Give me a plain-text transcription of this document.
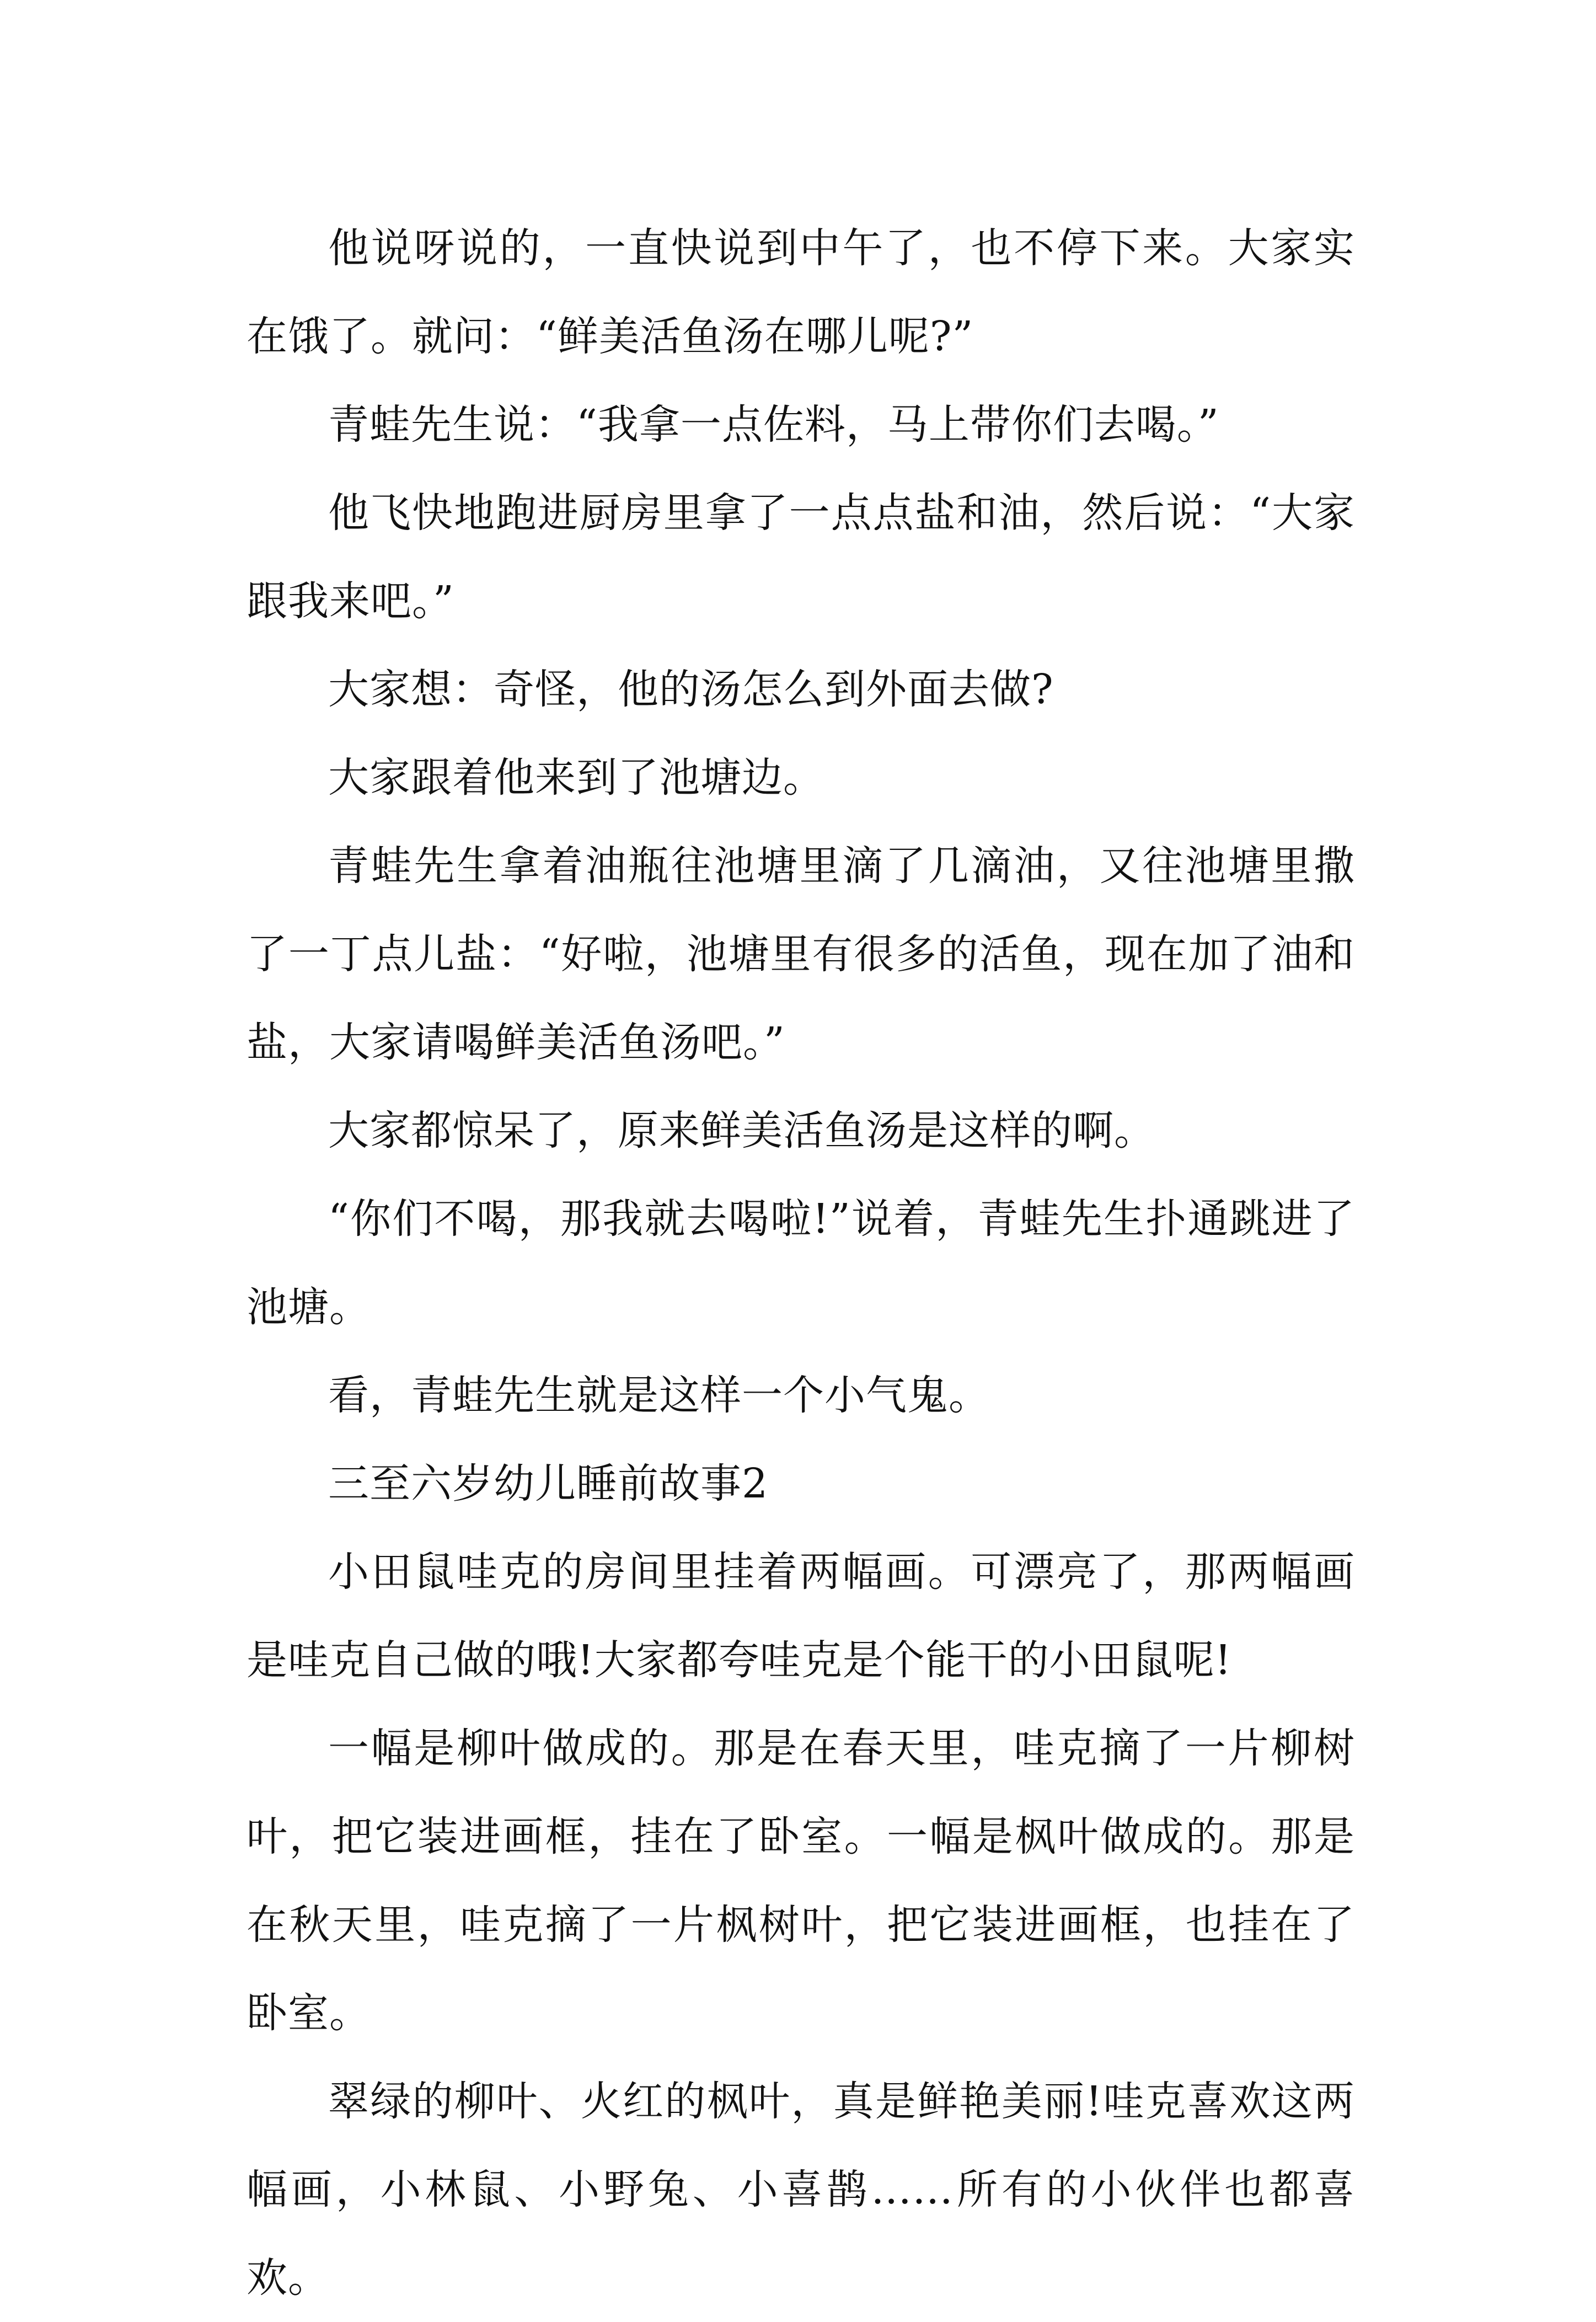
他说呀说的，一直快说到中午了，也不停下来。大家实在饿了。就问：“鲜美活鱼汤在哪儿呢?”

青蛙先生说：“我拿一点佐料，马上带你们去喝。”

他飞快地跑进厨房里拿了一点点盐和油，然后说：“大家跟我来吧。”

大家想：奇怪，他的汤怎么到外面去做?

大家跟着他来到了池塘边。

青蛙先生拿着油瓶往池塘里滴了几滴油，又往池塘里撒了一丁点儿盐：“好啦，池塘里有很多的活鱼，现在加了油和盐，大家请喝鲜美活鱼汤吧。”

大家都惊呆了，原来鲜美活鱼汤是这样的啊。

“你们不喝，那我就去喝啦!”说着，青蛙先生扑通跳进了池塘。

看，青蛙先生就是这样一个小气鬼。

三至六岁幼儿睡前故事2

小田鼠哇克的房间里挂着两幅画。可漂亮了，那两幅画是哇克自己做的哦!大家都夸哇克是个能干的小田鼠呢!

一幅是柳叶做成的。那是在春天里，哇克摘了一片柳树叶，把它装进画框，挂在了卧室。一幅是枫叶做成的。那是在秋天里，哇克摘了一片枫树叶，把它装进画框，也挂在了卧室。

翠绿的柳叶、火红的枫叶，真是鲜艳美丽!哇克喜欢这两幅画，小林鼠、小野兔、小喜鹊……所有的小伙伴也都喜欢。
